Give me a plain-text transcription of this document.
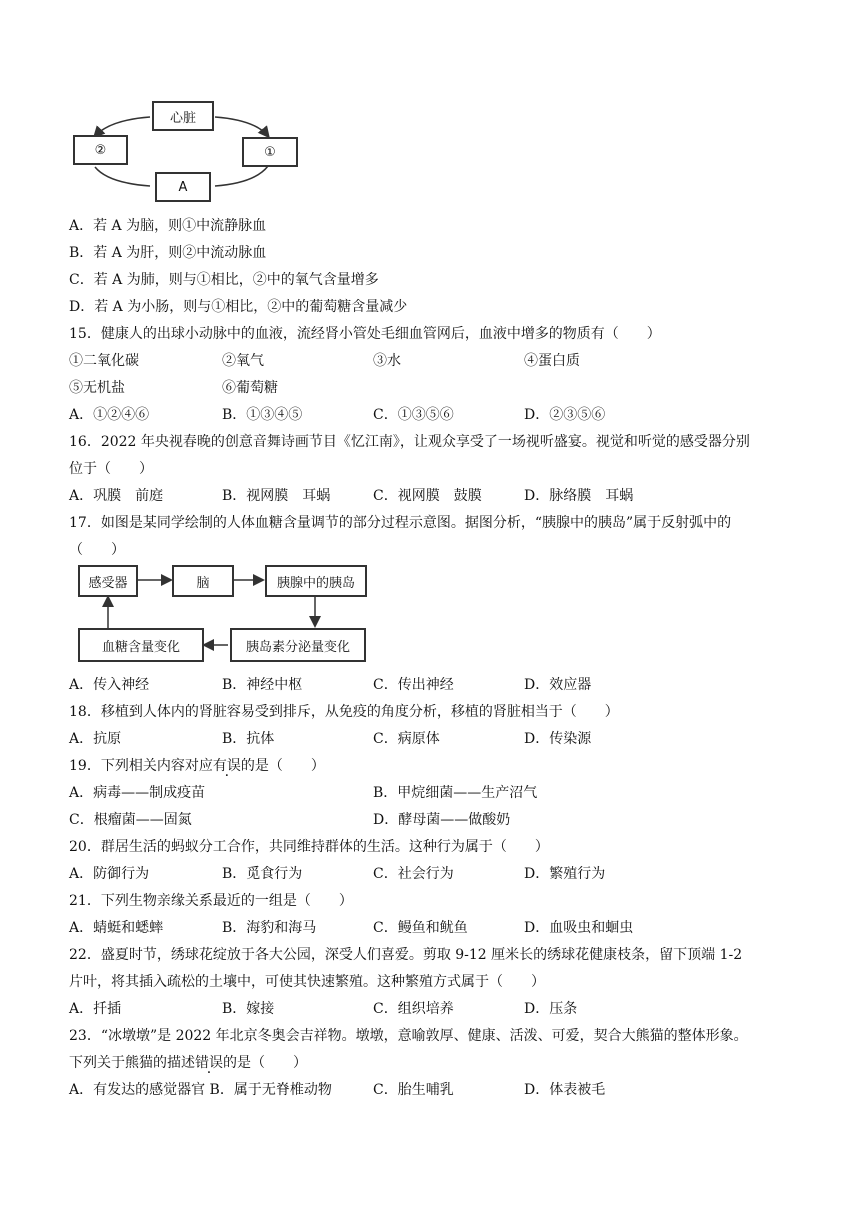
心脏
②	①
A
A．若 A 为脑，则①中流静脉血
B．若 A 为肝，则②中流动脉血
C．若 A 为肺，则与①相比，②中的氧气含量增多
D．若 A 为小肠，则与①相比，②中的葡萄糖含量减少
15．健康人的出球小动脉中的血液，流经肾小管处毛细血管网后，血液中增多的物质有（　　）
①二氧化碳	②氧气	③水	④蛋白质
⑤无机盐	⑥葡萄糖
A．①②④⑥	B．①③④⑤	C．①③⑤⑥	D．②③⑤⑥
16．2022 年央视春晚的创意音舞诗画节目《忆江南》，让观众享受了一场视听盛宴。视觉和听觉的感受器分别
位于（　　）
A．巩膜　前庭	B．视网膜　耳蜗	C．视网膜　鼓膜	D．脉络膜　耳蜗
17．如图是某同学绘制的人体血糖含量调节的部分过程示意图。据图分析，“胰腺中的胰岛”属于反射弧中的
（　　）
感受器	脑	胰腺中的胰岛
胰岛素分泌量变化
血糖含量变化
A．传入神经	B．神经中枢	C．传出神经	D．效应器
18．移植到人体内的肾脏容易受到排斥，从免疫的角度分析，移植的肾脏相当于（　　）
A．抗原	B．抗体	C．病原体	D．传染源
19．下列相关内容对应有误的是（　　）
A．病毒——制成疫苗	B．甲烷细菌——生产沼气
C．根瘤菌——固氮	D．酵母菌——做酸奶
20．群居生活的蚂蚁分工合作，共同维持群体的生活。这种行为属于（　　）
A．防御行为	B．觅食行为	C．社会行为	D．繁殖行为
21．下列生物亲缘关系最近的一组是（　　）
A．蜻蜓和蟋蟀	B．海豹和海马	C．鳗鱼和鱿鱼	D．血吸虫和蛔虫
22．盛夏时节，绣球花绽放于各大公园，深受人们喜爱。剪取 9-12 厘米长的绣球花健康枝条，留下顶端 1-2
片叶，将其插入疏松的土壤中，可使其快速繁殖。这种繁殖方式属于（　　）
A．扦插	B．嫁接	C．组织培养	D．压条
23．“冰墩墩”是 2022 年北京冬奥会吉祥物。墩墩，意喻敦厚、健康、活泼、可爱，契合大熊猫的整体形象。
下列关于熊猫的描述错误的是（　　）
A．有发达的感觉器官 B．属于无脊椎动物	C．胎生哺乳	D．体表被毛
